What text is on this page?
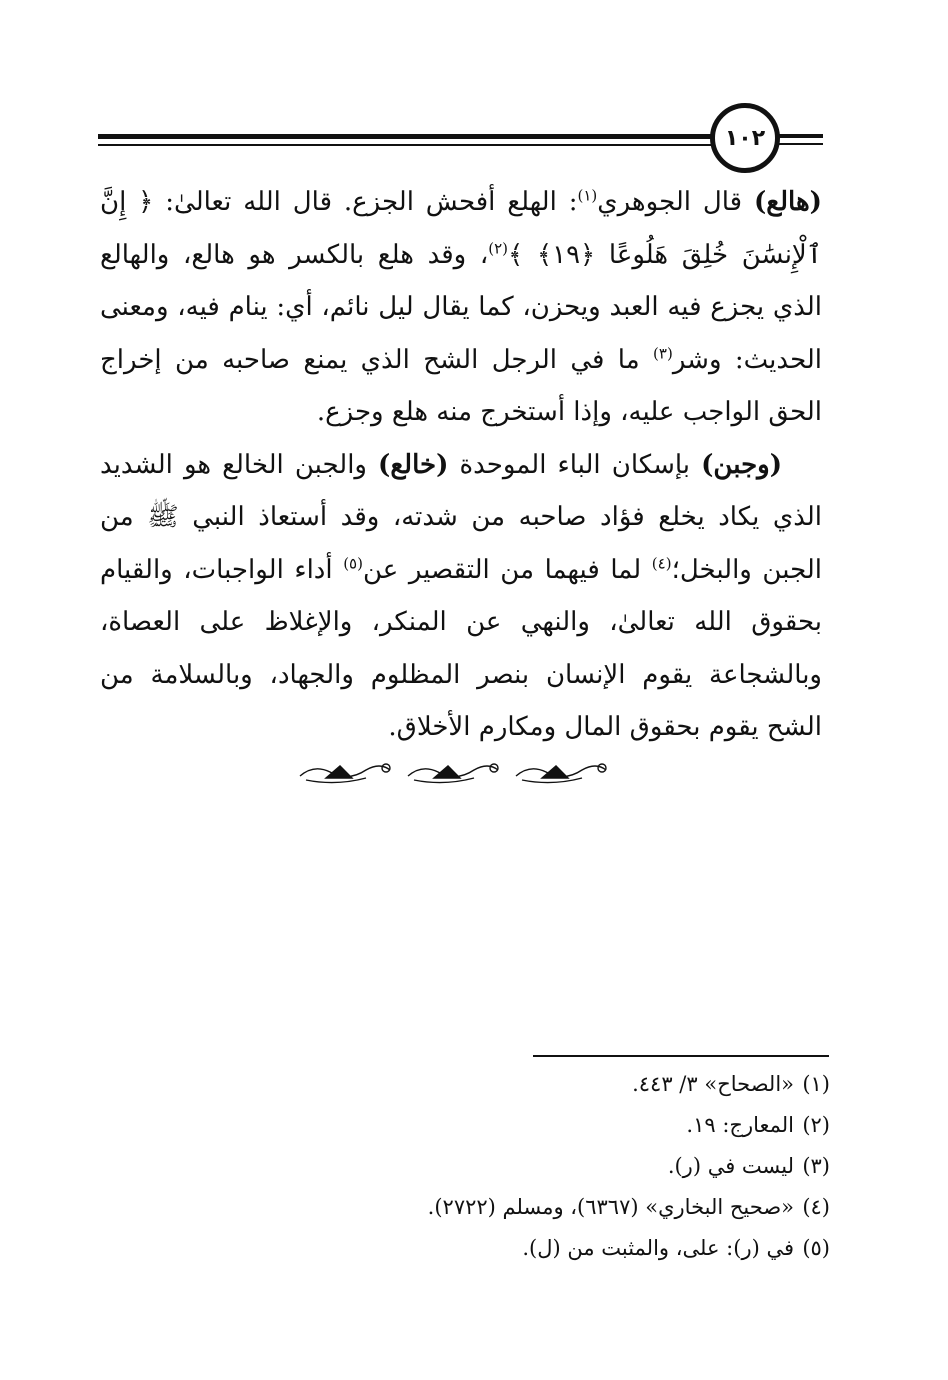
١٠٢

(هالع) قال الجوهري$^{(١)}$: الهلع أفحش الجزع. قال الله تعالىٰ: ﴿ إِنَّ ٱلْإِنسَٰنَ خُلِقَ هَلُوعًا ﴿١٩﴾ ﴾$^{(٢)}$، وقد هلع بالكسر هو هالع، والهالع الذي يجزع فيه العبد ويحزن، كما يقال ليل نائم، أي: ينام فيه، ومعنى الحديث: وشر$^{(٣)}$ ما في الرجل الشح الذي يمنع صاحبه من إخراج الحق الواجب عليه، وإذا أستخرج منه هلع وجزع.

(وجبن) بإسكان الباء الموحدة (خالع) والجبن الخالع هو الشديد الذي يكاد يخلع فؤاد صاحبه من شدته، وقد أستعاذ النبي ﷺ من الجبن والبخل؛$^{(٤)}$ لما فيهما من التقصير عن$^{(٥)}$ أداء الواجبات، والقيام بحقوق الله تعالىٰ، والنهي عن المنكر، والإغلاظ على العصاة، وبالشجاعة يقوم الإنسان بنصر المظلوم والجهاد، وبالسلامة من الشح يقوم بحقوق المال ومكارم الأخلاق.

(١)«الصحاح» ٣/ ٤٤٣.

(٢)المعارج: ١٩.

(٣)ليست في (ر).

(٤)«صحيح البخاري» (٦٣٦٧)، ومسلم (٢٧٢٢).

(٥)في (ر): على، والمثبت من (ل).
